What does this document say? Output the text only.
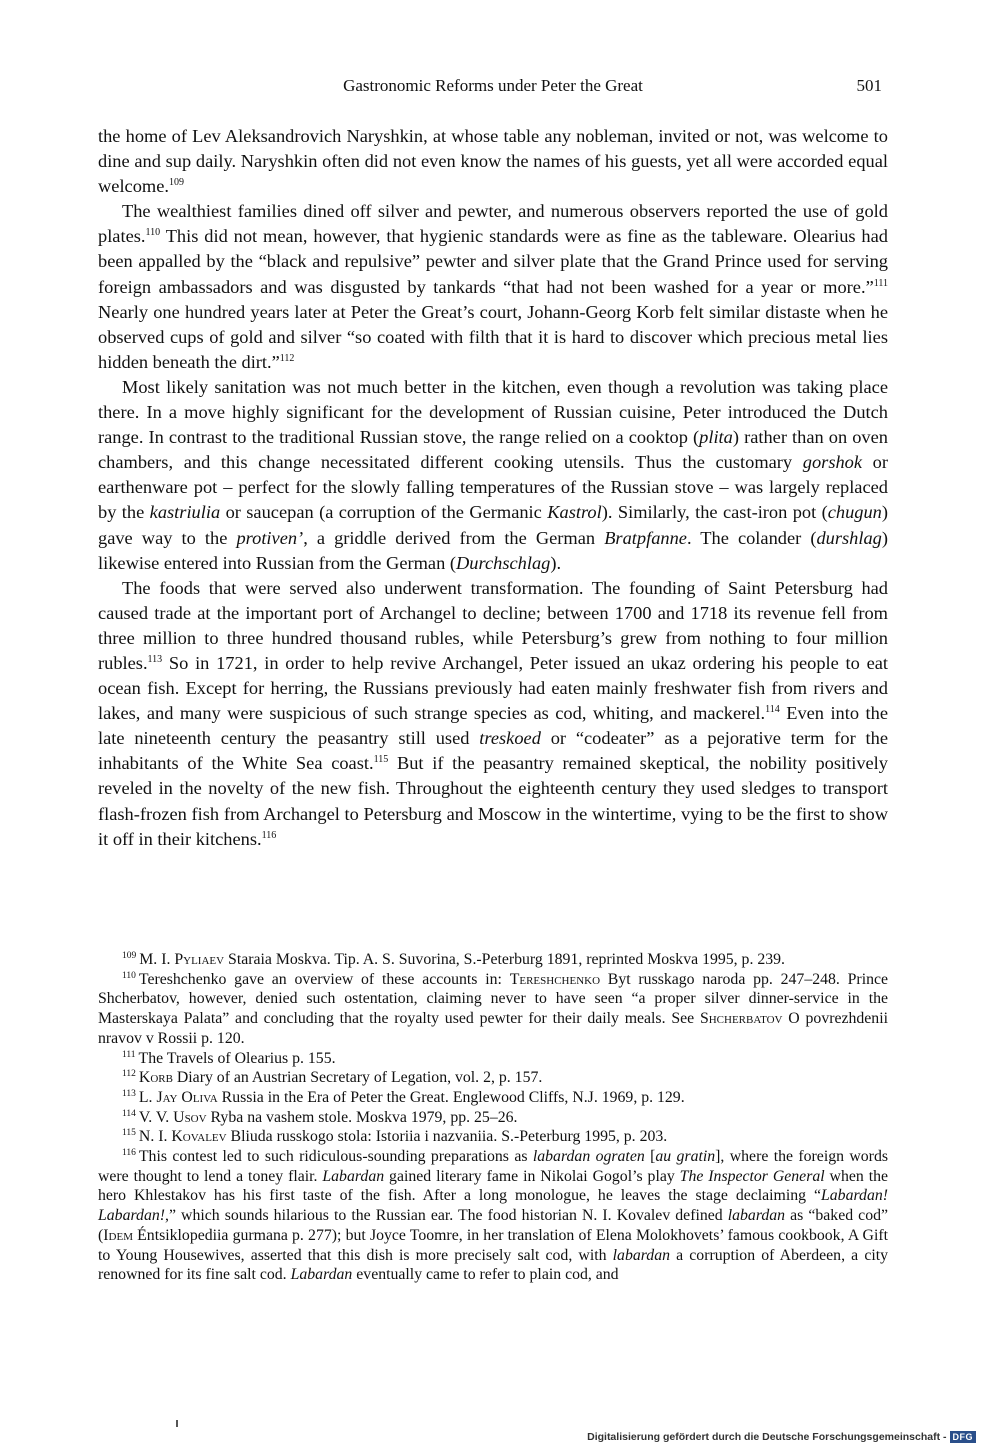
Gastronomic Reforms under Peter the Great	501

the home of Lev Aleksandrovich Naryshkin, at whose table any nobleman, invited or not, was welcome to dine and sup daily. Naryshkin often did not even know the names of his guests, yet all were accorded equal welcome.$^{109}$

The wealthiest families dined off silver and pewter, and numerous observers reported the use of gold plates.$^{110}$ This did not mean, however, that hygienic standards were as fine as the tableware. Olearius had been appalled by the “black and repulsive” pewter and silver plate that the Grand Prince used for serving foreign ambassadors and was disgusted by tankards “that had not been washed for a year or more.”$^{111}$ Nearly one hundred years later at Peter the Great’s court, Johann-Georg Korb felt similar distaste when he observed cups of gold and silver “so coated with filth that it is hard to discover which precious metal lies hidden beneath the dirt.”$^{112}$

Most likely sanitation was not much better in the kitchen, even though a revolution was taking place there. In a move highly significant for the development of Russian cuisine, Peter introduced the Dutch range. In contrast to the traditional Russian stove, the range relied on a cooktop (plita) rather than on oven chambers, and this change necessitated different cooking utensils. Thus the customary gorshok or earthenware pot – perfect for the slowly falling temperatures of the Russian stove – was largely replaced by the kastriulia or saucepan (a corruption of the Germanic Kastrol). Similarly, the cast-iron pot (chugun) gave way to the protiven’, a griddle derived from the German Bratpfanne. The colander (durshlag) likewise entered into Russian from the German (Durchschlag).

The foods that were served also underwent transformation. The founding of Saint Petersburg had caused trade at the important port of Archangel to decline; between 1700 and 1718 its revenue fell from three million to three hundred thousand rubles, while Petersburg’s grew from nothing to four million rubles.$^{113}$ So in 1721, in order to help revive Archangel, Peter issued an ukaz ordering his people to eat ocean fish. Except for herring, the Russians previously had eaten mainly freshwater fish from rivers and lakes, and many were suspicious of such strange species as cod, whiting, and mackerel.$^{114}$ Even into the late nineteenth century the peasantry still used treskoed or “codeater” as a pejorative term for the inhabitants of the White Sea coast.$^{115}$ But if the peasantry remained skeptical, the nobility positively reveled in the novelty of the new fish. Throughout the eighteenth century they used sledges to transport flash-frozen fish from Archangel to Petersburg and Moscow in the wintertime, vying to be the first to show it off in their kitchens.$^{116}$

$^{109}$ M. I. Pyliaev Staraia Moskva. Tip. A. S. Suvorina, S.-Peterburg 1891, reprinted Moskva 1995, p. 239.

$^{110}$ Tereshchenko gave an overview of these accounts in: Tereshchenko Byt russkago naroda pp. 247–248. Prince Shcherbatov, however, denied such ostentation, claiming never to have seen “a proper silver dinner-service in the Masterskaya Palata” and concluding that the royalty used pewter for their daily meals. See Shcherbatov O povrezhdenii nravov v Rossii p. 120.

$^{111}$ The Travels of Olearius p. 155.

$^{112}$ Korb Diary of an Austrian Secretary of Legation, vol. 2, p. 157.

$^{113}$ L. Jay Oliva Russia in the Era of Peter the Great. Englewood Cliffs, N.J. 1969, p. 129.

$^{114}$ V. V. Usov Ryba na vashem stole. Moskva 1979, pp. 25–26.

$^{115}$ N. I. Kovalev Bliuda russkogo stola: Istoriia i nazvaniia. S.-Peterburg 1995, p. 203.

$^{116}$ This contest led to such ridiculous-sounding preparations as labardan ograten [au gratin], where the foreign words were thought to lend a toney flair. Labardan gained literary fame in Nikolai Gogol’s play The Inspector General when the hero Khlestakov has his first taste of the fish. After a long monologue, he leaves the stage declaiming “Labardan! Labardan!,” which sounds hilarious to the Russian ear. The food historian N. I. Kovalev defined labardan as “baked cod” (Idem Éntsiklopediia gurmana p. 277); but Joyce Toomre, in her translation of Elena Molokhovets’ famous cookbook, A Gift to Young Housewives, asserted that this dish is more precisely salt cod, with labardan a corruption of Aberdeen, a city renowned for its fine salt cod. Labardan eventually came to refer to plain cod, and

Digitalisierung gefördert durch die Deutsche Forschungsgemeinschaft - DFG
